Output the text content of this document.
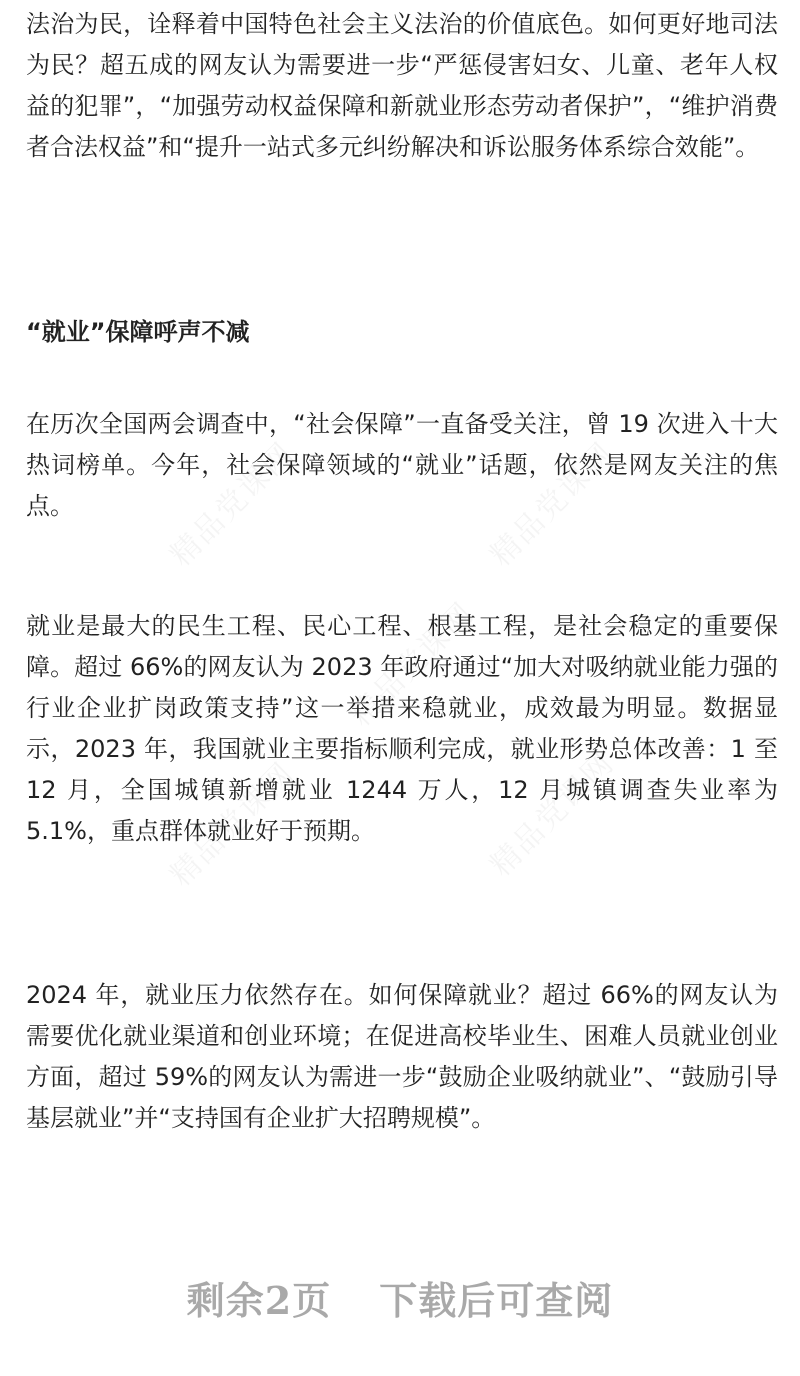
法治为民，诠释着中国特色社会主义法治的价值底色。如何更好地司法为民？超五成的网友认为需要进一步“严惩侵害妇女、儿童、老年人权益的犯罪”，“加强劳动权益保障和新就业形态劳动者保护”，“维护消费者合法权益”和“提升一站式多元纠纷解决和诉讼服务体系综合效能”。

“就业”保障呼声不减

在历次全国两会调查中，“社会保障”一直备受关注，曾 19 次进入十大热词榜单。今年，社会保障领域的“就业”话题，依然是网友关注的焦点。

就业是最大的民生工程、民心工程、根基工程，是社会稳定的重要保障。超过 66%的网友认为 2023 年政府通过“加大对吸纳就业能力强的行业企业扩岗政策支持”这一举措来稳就业，成效最为明显。数据显示，2023 年，我国就业主要指标顺利完成，就业形势总体改善：1 至 12 月，全国城镇新增就业 1244 万人，12 月城镇调查失业率为 5.1%，重点群体就业好于预期。

2024 年，就业压力依然存在。如何保障就业？超过 66%的网友认为需要优化就业渠道和创业环境；在促进高校毕业生、困难人员就业创业方面，超过 59%的网友认为需进一步“鼓励企业吸纳就业”、“鼓励引导基层就业”并“支持国有企业扩大招聘规模”。

剩余2页 下载后可查阅
